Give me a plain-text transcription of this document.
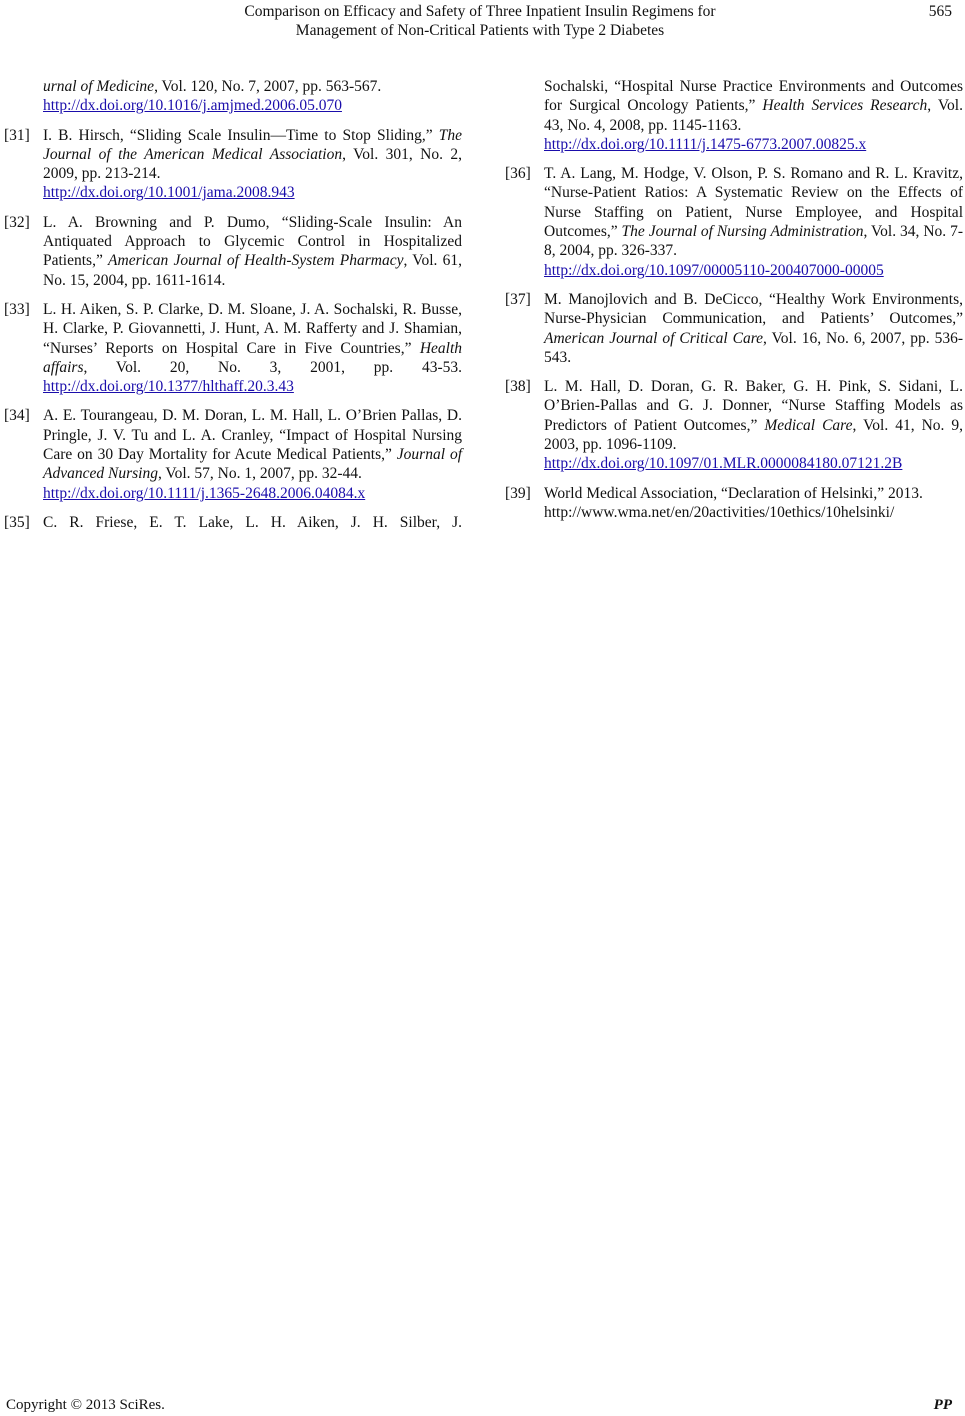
Comparison on Efficacy and Safety of Three Inpatient Insulin Regimens for
Management of Non-Critical Patients with Type 2 Diabetes
565
urnal of Medicine, Vol. 120, No. 7, 2007, pp. 563-567.
http://dx.doi.org/10.1016/j.amjmed.2006.05.070
[31] I. B. Hirsch, “Sliding Scale Insulin—Time to Stop Sliding,” The Journal of the American Medical Association, Vol. 301, No. 2, 2009, pp. 213-214.
http://dx.doi.org/10.1001/jama.2008.943
[32] L. A. Browning and P. Dumo, “Sliding-Scale Insulin: An Antiquated Approach to Glycemic Control in Hospitalized Patients,” American Journal of Health-System Pharmacy, Vol. 61, No. 15, 2004, pp. 1611-1614.
[33] L. H. Aiken, S. P. Clarke, D. M. Sloane, J. A. Sochalski, R. Busse, H. Clarke, P. Giovannetti, J. Hunt, A. M. Rafferty and J. Shamian, “Nurses’ Reports on Hospital Care in Five Countries,” Health affairs, Vol. 20, No. 3, 2001, pp. 43-53. http://dx.doi.org/10.1377/hlthaff.20.3.43
[34] A. E. Tourangeau, D. M. Doran, L. M. Hall, L. O’Brien Pallas, D. Pringle, J. V. Tu and L. A. Cranley, “Impact of Hospital Nursing Care on 30 Day Mortality for Acute Medical Patients,” Journal of Advanced Nursing, Vol. 57, No. 1, 2007, pp. 32-44.
http://dx.doi.org/10.1111/j.1365-2648.2006.04084.x
[35] C. R. Friese, E. T. Lake, L. H. Aiken, J. H. Silber, J.
Sochalski, “Hospital Nurse Practice Environments and Outcomes for Surgical Oncology Patients,” Health Services Research, Vol. 43, No. 4, 2008, pp. 1145-1163.
http://dx.doi.org/10.1111/j.1475-6773.2007.00825.x
[36] T. A. Lang, M. Hodge, V. Olson, P. S. Romano and R. L. Kravitz, “Nurse-Patient Ratios: A Systematic Review on the Effects of Nurse Staffing on Patient, Nurse Employee, and Hospital Outcomes,” The Journal of Nursing Administration, Vol. 34, No. 7-8, 2004, pp. 326-337.
http://dx.doi.org/10.1097/00005110-200407000-00005
[37] M. Manojlovich and B. DeCicco, “Healthy Work Environments, Nurse-Physician Communication, and Patients’ Outcomes,” American Journal of Critical Care, Vol. 16, No. 6, 2007, pp. 536-543.
[38] L. M. Hall, D. Doran, G. R. Baker, G. H. Pink, S. Sidani, L. O’Brien-Pallas and G. J. Donner, “Nurse Staffing Models as Predictors of Patient Outcomes,” Medical Care, Vol. 41, No. 9, 2003, pp. 1096-1109.
http://dx.doi.org/10.1097/01.MLR.0000084180.07121.2B
[39] World Medical Association, “Declaration of Helsinki,” 2013.
http://www.wma.net/en/20activities/10ethics/10helsinki/
Copyright © 2013 SciRes.	PP
